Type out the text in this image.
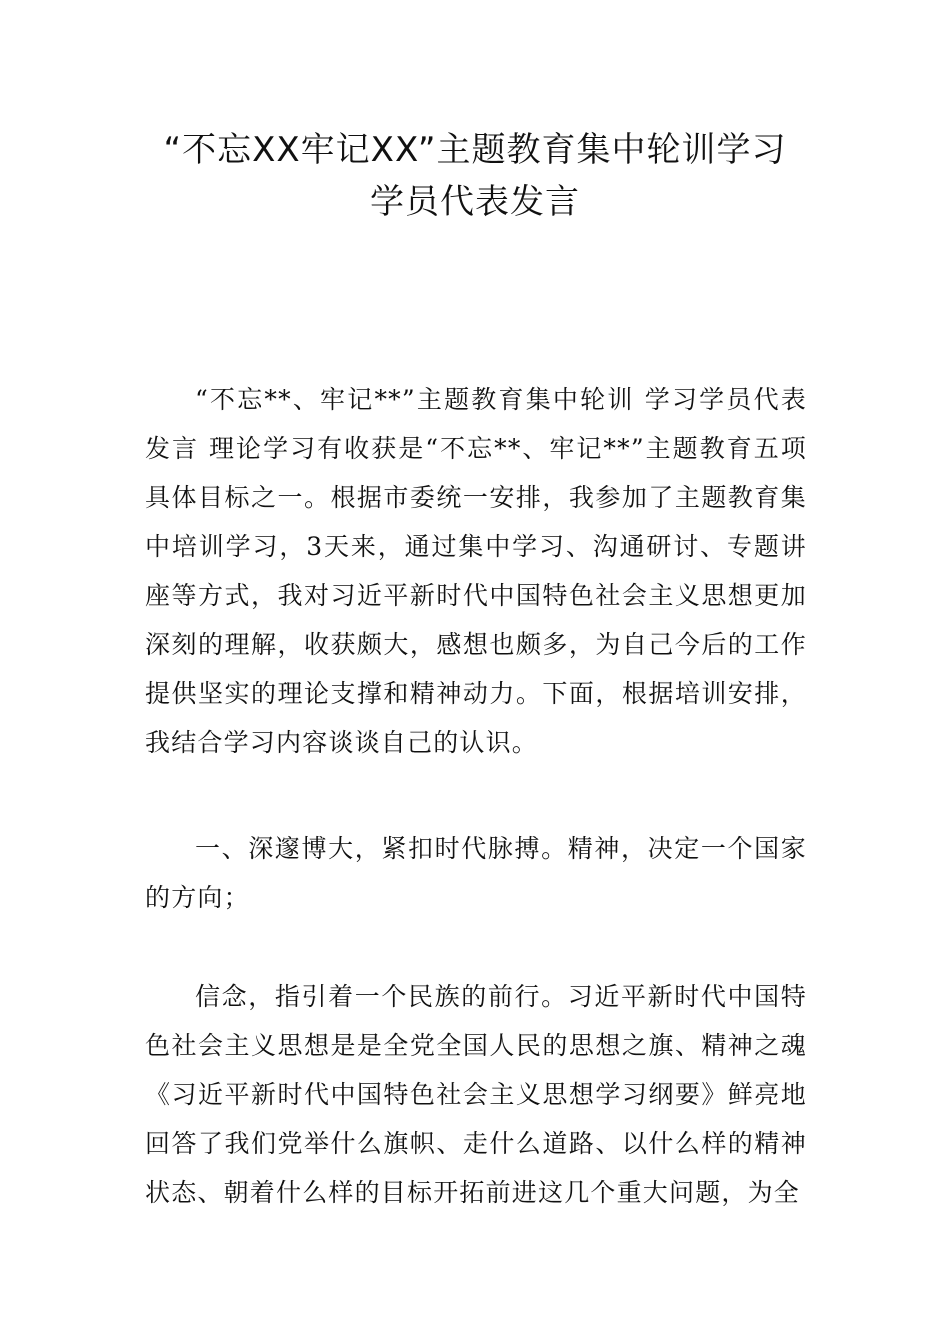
“不忘XX牢记XX”主题教育集中轮训学习
学员代表发言

“不忘**、牢记**”主题教育集中轮训 学习学员代表发言 理论学习有收获是“不忘**、牢记**”主题教育五项具体目标之一。根据市委统一安排，我参加了主题教育集中培训学习，3天来，通过集中学习、沟通研讨、专题讲座等方式，我对习近平新时代中国特色社会主义思想更加深刻的理解，收获颇大，感想也颇多，为自己今后的工作提供坚实的理论支撑和精神动力。下面，根据培训安排，我结合学习内容谈谈自己的认识。

一、深邃博大，紧扣时代脉搏。精神，决定一个国家的方向；

信念，指引着一个民族的前行。习近平新时代中国特色社会主义思想是是全党全国人民的思想之旗、精神之魂《习近平新时代中国特色社会主义思想学习纲要》鲜亮地回答了我们党举什么旗帜、走什么道路、以什么样的精神状态、朝着什么样的目标开拓前进这几个重大问题，为全
